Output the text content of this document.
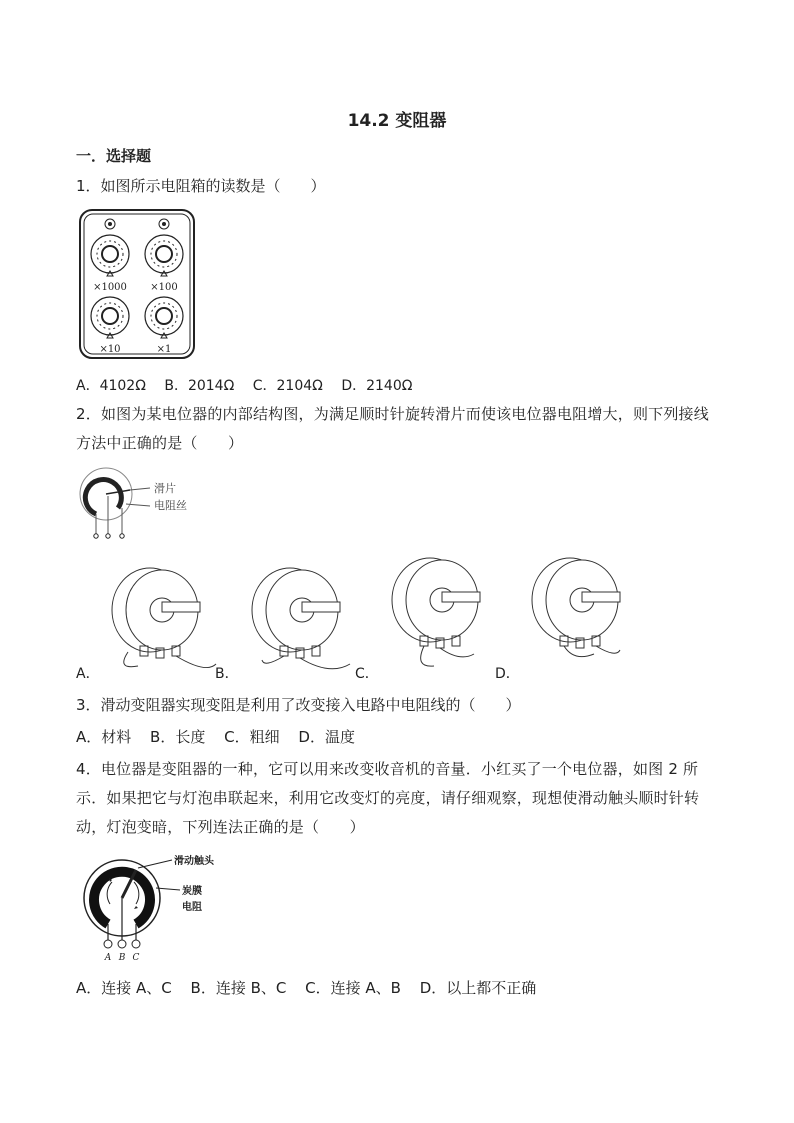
14.2 变阻器
一．选择题
1．如图所示电阻箱的读数是（　　）
×1000 ×100
×10	×1
A．4102Ω B．2014Ω C．2104Ω D．2140Ω
2．如图为某电位器的内部结构图，为满足顺时针旋转滑片而使该电位器电阻增大，则下列接线方法中正确的是（　　）
滑片
电阻丝
A．	B．	C．	D．
3．滑动变阻器实现变阻是利用了改变接入电路中电阻线的（　　）
A．材料 B．长度 C．粗细 D．温度
4．电位器是变阻器的一种，它可以用来改变收音机的音量．小红买了一个电位器，如图 2 所示．如果把它与灯泡串联起来，利用它改变灯的亮度，请仔细观察，现想使滑动触头顺时针转动，灯泡变暗，下列连法正确的是（　　）
A B C
滑动触头
炭膜
电阻
A．连接 A、C B．连接 B、C C．连接 A、B D．以上都不正确
